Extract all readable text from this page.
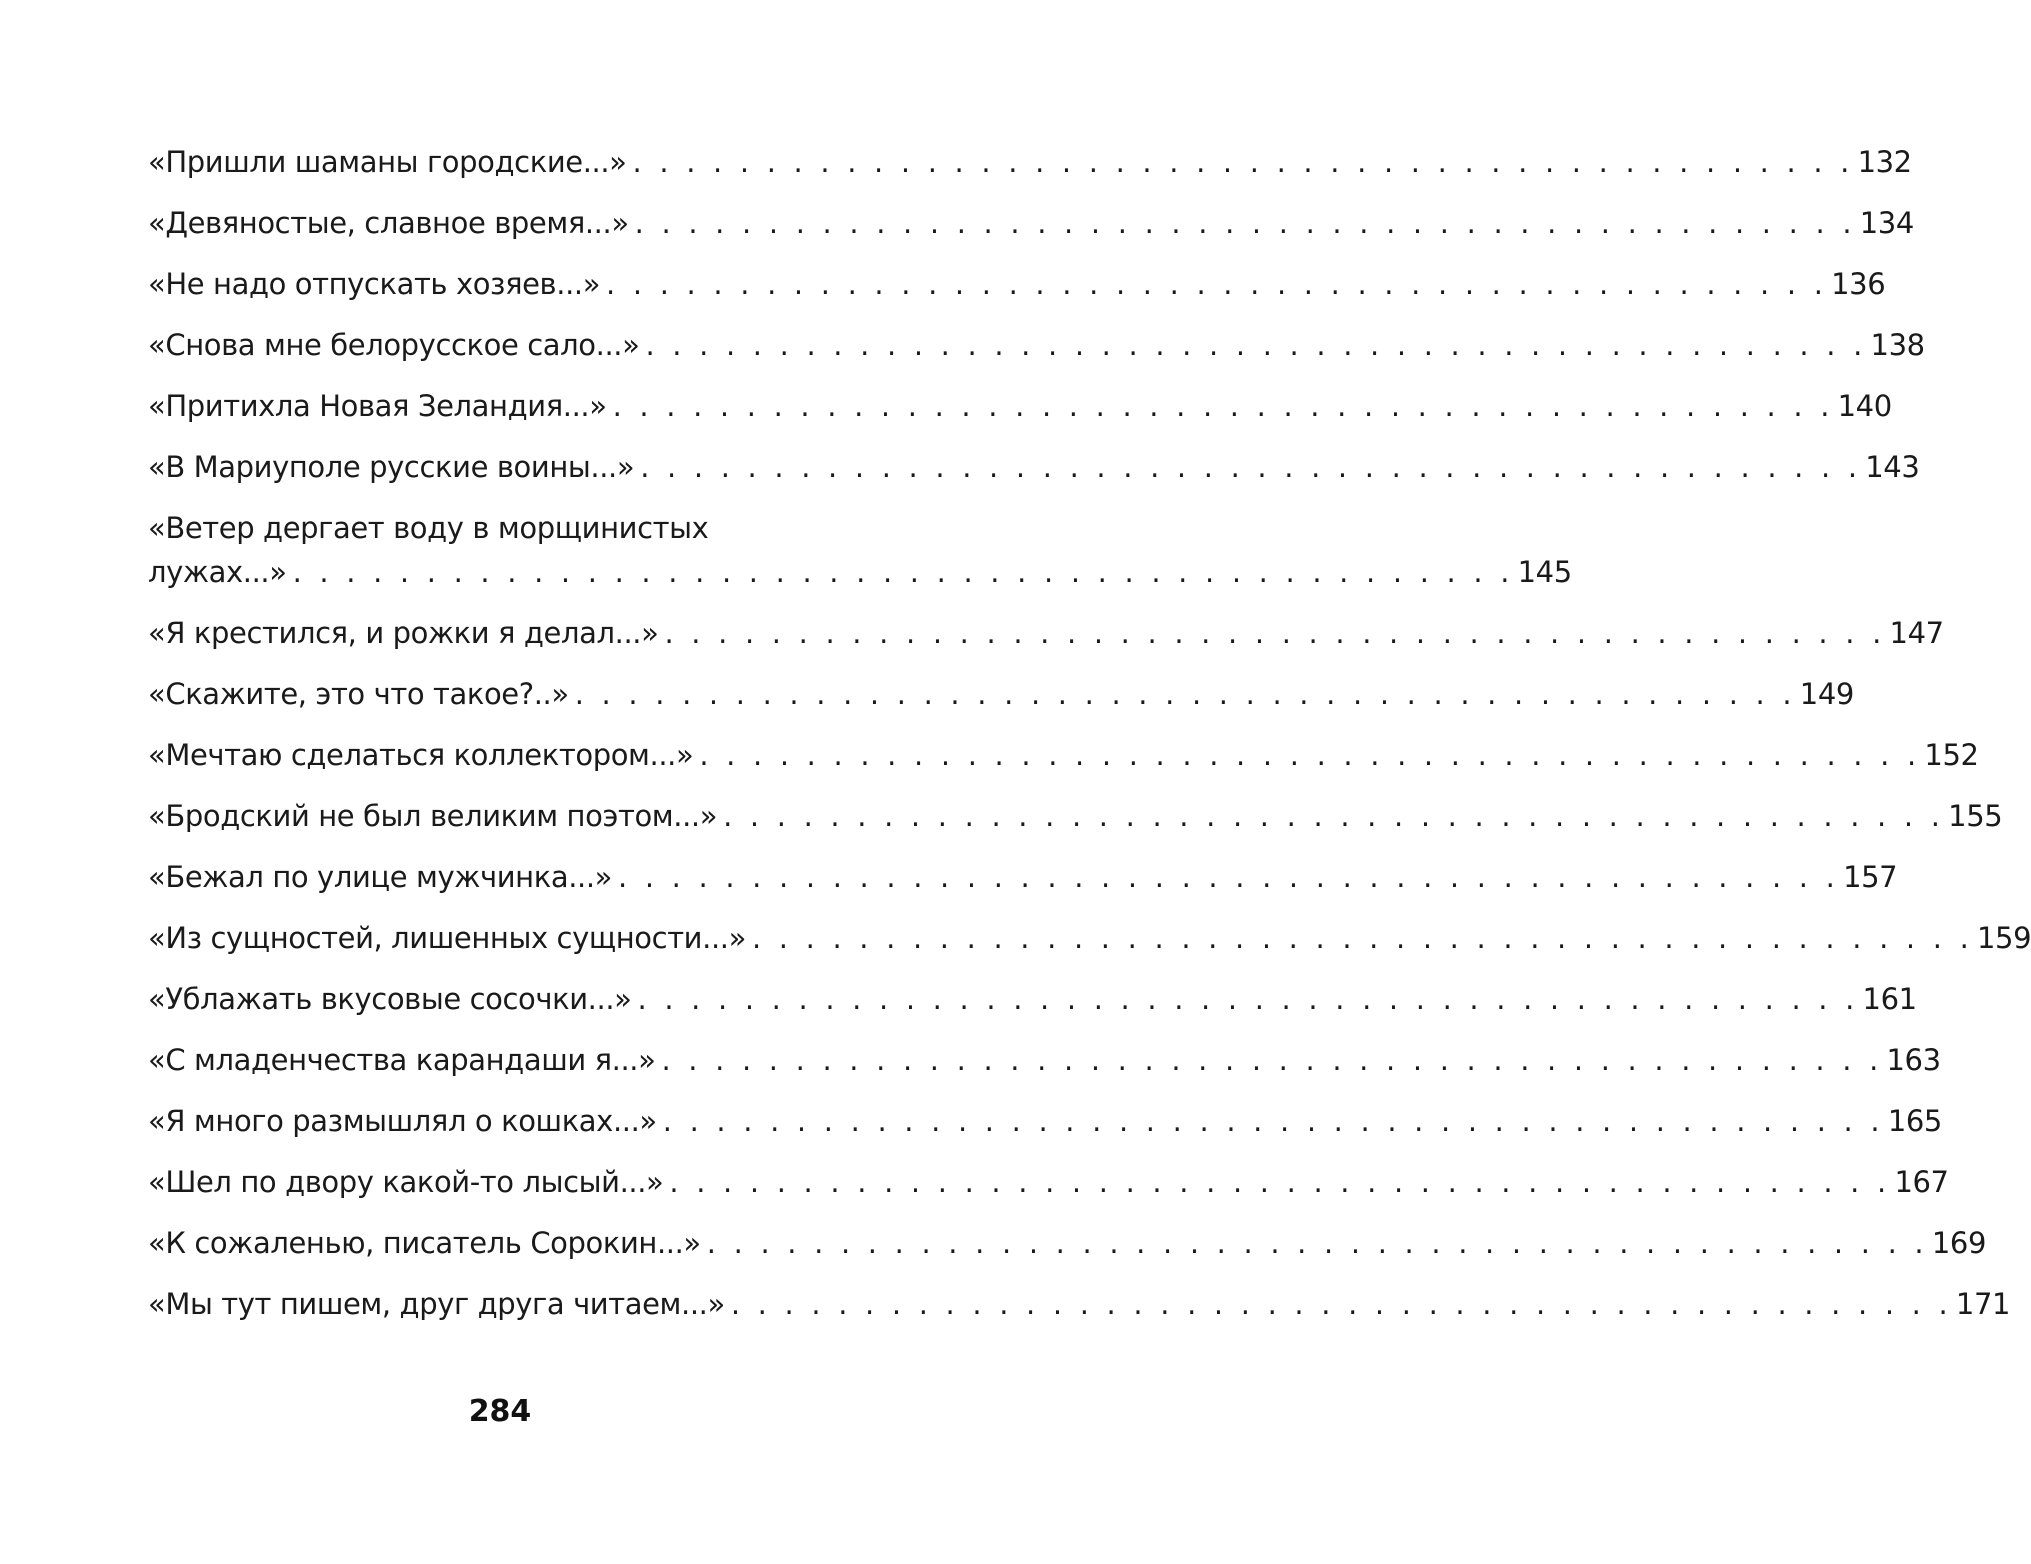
«Пришли шаманы городские...» . . . . . . . . . . . . . . . . . . . . . . . . . . . . . . . . . . . . . . . . . . . . . . 132
«Девяностые, славное время...» . . . . . . . . . . . . . . . . . . . . . . . . . . . . . . . . . . . . . . . . . . . . . . 134
«Не надо отпускать хозяев...» . . . . . . . . . . . . . . . . . . . . . . . . . . . . . . . . . . . . . . . . . . . . . . 136
«Снова мне белорусское сало...» . . . . . . . . . . . . . . . . . . . . . . . . . . . . . . . . . . . . . . . . . . . . . . 138
«Притихла Новая Зеландия...» . . . . . . . . . . . . . . . . . . . . . . . . . . . . . . . . . . . . . . . . . . . . . . 140
«В Мариуполе русские воины...» . . . . . . . . . . . . . . . . . . . . . . . . . . . . . . . . . . . . . . . . . . . . . . 143
«Ветер дергает воду в морщинистых
лужах...» . . . . . . . . . . . . . . . . . . . . . . . . . . . . . . . . . . . . . . . . . . . . . . 145
«Я крестился, и рожки я делал...» . . . . . . . . . . . . . . . . . . . . . . . . . . . . . . . . . . . . . . . . . . . . . . 147
«Скажите, это что такое?..» . . . . . . . . . . . . . . . . . . . . . . . . . . . . . . . . . . . . . . . . . . . . . . 149
«Мечтаю сделаться коллектором...» . . . . . . . . . . . . . . . . . . . . . . . . . . . . . . . . . . . . . . . . . . . . . . 152
«Бродский не был великим поэтом...» . . . . . . . . . . . . . . . . . . . . . . . . . . . . . . . . . . . . . . . . . . . . . . 155
«Бежал по улице мужчинка...» . . . . . . . . . . . . . . . . . . . . . . . . . . . . . . . . . . . . . . . . . . . . . . 157
«Из сущностей, лишенных сущности...» . . . . . . . . . . . . . . . . . . . . . . . . . . . . . . . . . . . . . . . . . . . . . . 159
«Ублажать вкусовые сосочки...» . . . . . . . . . . . . . . . . . . . . . . . . . . . . . . . . . . . . . . . . . . . . . . 161
«С младенчества карандаши я...» . . . . . . . . . . . . . . . . . . . . . . . . . . . . . . . . . . . . . . . . . . . . . . 163
«Я много размышлял о кошках...» . . . . . . . . . . . . . . . . . . . . . . . . . . . . . . . . . . . . . . . . . . . . . . 165
«Шел по двору какой-то лысый...» . . . . . . . . . . . . . . . . . . . . . . . . . . . . . . . . . . . . . . . . . . . . . . 167
«К сожаленью, писатель Сорокин...» . . . . . . . . . . . . . . . . . . . . . . . . . . . . . . . . . . . . . . . . . . . . . . 169
«Мы тут пишем, друг друга читаем...» . . . . . . . . . . . . . . . . . . . . . . . . . . . . . . . . . . . . . . . . . . . . . . 171
284
